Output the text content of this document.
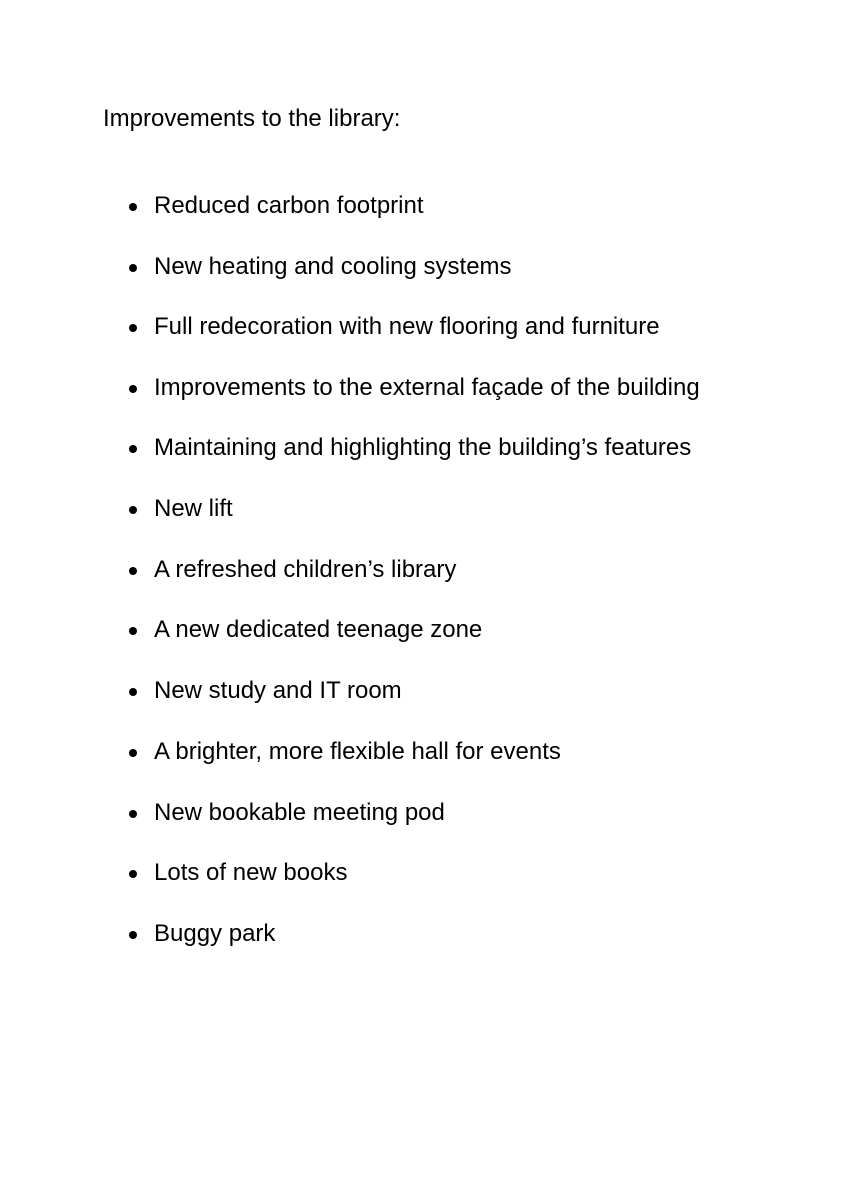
Improvements to the library:
Reduced carbon footprint
New heating and cooling systems
Full redecoration with new flooring and furniture
Improvements to the external façade of the building
Maintaining and highlighting the building’s features
New lift
A refreshed children’s library
A new dedicated teenage zone
New study and IT room
A brighter, more flexible hall for events
New bookable meeting pod
Lots of new books
Buggy park
